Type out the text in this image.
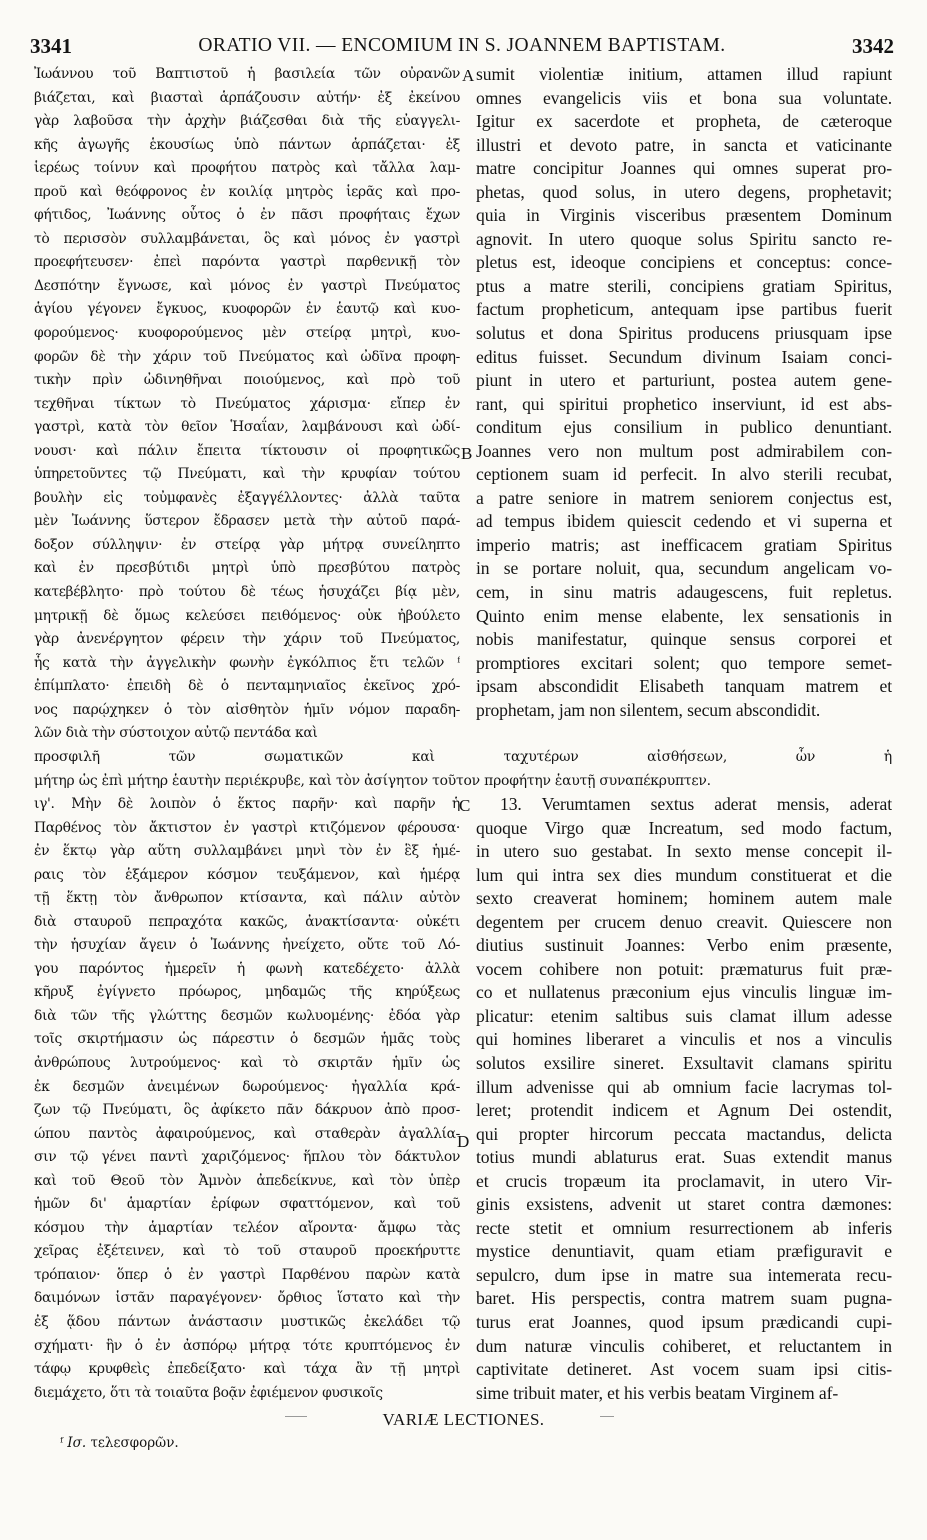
3341	ORATIO VII. — ENCOMIUM IN S. JOANNEM BAPTISTAM.	3342
Ἰωάννου τοῦ Βαπτιστοῦ ἡ βασιλεία τῶν οὐρανῶν
βιάζεται, καὶ βιασταὶ ἁρπάζουσιν αὐτήν· ἐξ ἐκείνου
γὰρ λαβοῦσα τὴν ἀρχὴν βιάζεσθαι διὰ τῆς εὐαγγελι-
κῆς ἀγωγῆς ἑκουσίως ὑπὸ πάντων ἁρπάζεται· ἐξ
ἱερέως τοίνυν καὶ προφήτου πατρὸς καὶ τἄλλα λαμ-
προῦ καὶ θεόφρονος ἐν κοιλίᾳ μητρὸς ἱερᾶς καὶ προ-
φήτιδος, Ἰωάννης οὗτος ὁ ἐν πᾶσι προφήταις ἔχων
τὸ περισσὸν συλλαμβάνεται, ὃς καὶ μόνος ἐν γαστρὶ
προεφήτευσεν· ἐπεὶ παρόντα γαστρὶ παρθενικῇ τὸν
Δεσπότην ἔγνωσε, καὶ μόνος ἐν γαστρὶ Πνεύματος
ἁγίου γέγονεν ἔγκυος, κυοφορῶν ἐν ἑαυτῷ καὶ κυο-
φορούμενος· κυοφορούμενος μὲν στείρᾳ μητρὶ, κυο-
φορῶν δὲ τὴν χάριν τοῦ Πνεύματος καὶ ὠδῖνα προφη-
τικὴν πρὶν ὠδινηθῆναι ποιούμενος, καὶ πρὸ τοῦ
τεχθῆναι τίκτων τὸ Πνεύματος χάρισμα· εἴπερ ἐν
γαστρὶ, κατὰ τὸν θεῖον Ἡσαΐαν, λαμβάνουσι καὶ ὠδί-
νουσι· καὶ πάλιν ἔπειτα τίκτουσιν οἱ προφητικῶς
ὑπηρετοῦντες τῷ Πνεύματι, καὶ τὴν κρυφίαν τούτου
βουλὴν εἰς τοὐμφανὲς ἐξαγγέλλοντες· ἀλλὰ ταῦτα
μὲν Ἰωάννης ὕστερον ἔδρασεν μετὰ τὴν αὐτοῦ παρά-
δοξον σύλληψιν· ἐν στείρᾳ γὰρ μήτρᾳ συνείληπτο
καὶ ἐν πρεσβύτιδι μητρὶ ὑπὸ πρεσβύτου πατρὸς
κατεβέβλητο· πρὸ τούτου δὲ τέως ἡσυχάζει βίᾳ μὲν,
μητρικῇ δὲ ὅμως κελεύσει πειθόμενος· οὐκ ἠβούλετο
γὰρ ἀνενέργητον φέρειν τὴν χάριν τοῦ Πνεύματος,
ἧς κατὰ τὴν ἀγγελικὴν φωνὴν ἐγκόλπιος ἔτι τελῶν ᶠ
ἐπίμπλατο· ἐπειδὴ δὲ ὁ πενταμηνιαῖος ἐκεῖνος χρό-
νος παρῴχηκεν ὁ τὸν αἰσθητὸν ἡμῖν νόμον παραδη-
λῶν διὰ τὴν σύστοιχον αὐτῷ πεντάδα καὶ
sumit violentiæ initium, attamen illud rapiunt
omnes evangelicis viis et bona sua voluntate.
Igitur ex sacerdote et propheta, de cæteroque
illustri et devoto patre, in sancta et vaticinante
matre concipitur Joannes qui omnes superat pro-
phetas, quod solus, in utero degens, prophetavit;
quia in Virginis visceribus præsentem Dominum
agnovit. In utero quoque solus Spiritu sancto re-
pletus est, ideoque concipiens et conceptus: conce-
ptus a matre sterili, concipiens gratiam Spiritus,
factum propheticum, antequam ipse partibus fuerit
solutus et dona Spiritus producens priusquam ipse
editus fuisset. Secundum divinum Isaiam conci-
piunt in utero et parturiunt, postea autem gene-
rant, qui spiritui prophetico inserviunt, id est abs-
conditum ejus consilium in publico denuntiant.
Joannes vero non multum post admirabilem con-
ceptionem suam id perfecit. In alvo sterili recubat,
a patre seniore in matrem seniorem conjectus est,
ad tempus ibidem quiescit cedendo et vi superna et
imperio matris; ast inefficacem gratiam Spiritus
in se portare noluit, qua, secundum angelicam vo-
cem, in sinu matris adaugescens, fuit repletus.
Quinto enim mense elabente, lex sensationis in
nobis manifestatur, quinque sensus corporei et
promptiores excitari solent; quo tempore semet-
ipsam abscondidit Elisabeth tanquam matrem et
prophetam, jam non silentem, secum abscondidit.
προσφιλῆ τῶν σωματικῶν καὶ ταχυτέρων αἰσθήσεων, ὧν ἡ
μήτηρ ὡς ἐπὶ μήτηρ ἑαυτὴν περιέκρυβε, καὶ τὸν ἀσίγητον τοῦτον προφήτην ἑαυτῇ συναπέκρυπτεν.
ιγ'. Μὴν δὲ λοιπὸν ὁ ἕκτος παρῆν· καὶ παρῆν ἡ
Παρθένος τὸν ἄκτιστον ἐν γαστρὶ κτιζόμενον φέρουσα·
ἐν ἕκτῳ γὰρ αὕτη συλλαμβάνει μηνὶ τὸν ἐν ἓξ ἡμέ-
ραις τὸν ἑξάμερον κόσμον τευξάμενον, καὶ ἡμέρᾳ
τῇ ἕκτῃ τὸν ἄνθρωπον κτίσαντα, καὶ πάλιν αὐτὸν
διὰ σταυροῦ πεπραχότα κακῶς, ἀνακτίσαντα· οὐκέτι
τὴν ἡσυχίαν ἄγειν ὁ Ἰωάννης ἠνείχετο, οὔτε τοῦ Λό-
γου παρόντος ἠμερεῖν ἡ φωνὴ κατεδέχετο· ἀλλὰ
κῆρυξ ἐγίγνετο πρόωρος, μηδαμῶς τῆς κηρύξεως
διὰ τῶν τῆς γλώττης δεσμῶν κωλυομένης· ἐδόα γὰρ
τοῖς σκιρτήμασιν ὡς πάρεστιν ὁ δεσμῶν ἡμᾶς τοὺς
ἀνθρώπους λυτρούμενος· καὶ τὸ σκιρτᾶν ἡμῖν ὡς
ἐκ δεσμῶν ἀνειμένων δωρούμενος· ἠγαλλία κρά-
ζων τῷ Πνεύματι, ὃς ἀφίκετο πᾶν δάκρυον ἀπὸ προσ-
ώπου παντὸς ἀφαιρούμενος, καὶ σταθερὰν ἀγαλλία-
σιν τῷ γένει παντὶ χαριζόμενος· ἥπλου τὸν δάκτυλον
καὶ τοῦ Θεοῦ τὸν Ἀμνὸν ἀπεδείκνυε, καὶ τὸν ὑπὲρ
ἡμῶν δι' ἁμαρτίαν ἐρίφων σφαττόμενον, καὶ τοῦ
κόσμου τὴν ἁμαρτίαν τελέον αἴροντα· ἄμφω τὰς
χεῖρας ἐξέτεινεν, καὶ τὸ τοῦ σταυροῦ προεκήρυττε
τρόπαιον· ὅπερ ὁ ἐν γαστρὶ Παρθένου παρὼν κατὰ
δαιμόνων ἱστᾶν παραγέγονεν· ὄρθιος ἵστατο καὶ τὴν
ἐξ ᾅδου πάντων ἀνάστασιν μυστικῶς ἐκελάδει τῷ
σχήματι· ἣν ὁ ἐν ἀσπόρῳ μήτρᾳ τότε κρυπτόμενος ἐν
τάφῳ κρυφθεὶς ἐπεδείξατο· καὶ τάχα ἂν τῇ μητρὶ
διεμάχετο, ὅτι τὰ τοιαῦτα βοᾷν ἐφιέμενον φυσικοῖς
13. Verumtamen sextus aderat mensis, aderat
quoque Virgo quæ Increatum, sed modo factum,
in utero suo gestabat. In sexto mense concepit il-
lum qui intra sex dies mundum constituerat et die
sexto creaverat hominem; hominem autem male
degentem per crucem denuo creavit. Quiescere non
diutius sustinuit Joannes: Verbo enim præsente,
vocem cohibere non potuit: præmaturus fuit præ-
co et nullatenus præconium ejus vinculis linguæ im-
plicatur: etenim saltibus suis clamat illum adesse
qui homines liberaret a vinculis et nos a vinculis
solutos exsilire sineret. Exsultavit clamans spiritu
illum advenisse qui ab omnium facie lacrymas tol-
leret; protendit indicem et Agnum Dei ostendit,
qui propter hircorum peccata mactandus, delicta
totius mundi ablaturus erat. Suas extendit manus
et crucis tropæum ita proclamavit, in utero Vir-
ginis exsistens, advenit ut staret contra dæmones:
recte stetit et omnium resurrectionem ab inferis
mystice denuntiavit, quam etiam præfiguravit e
sepulcro, dum ipse in matre sua intemerata recu-
baret. His perspectis, contra matrem suam pugna-
turus erat Joannes, quod ipsum prædicandi cupi-
dum naturæ vinculis cohiberet, et reluctantem in
captivitate detineret. Ast vocem suam ipsi citis-
sime tribuit mater, et his verbis beatam Virginem af-
A
B
C
D
VARIÆ LECTIONES.
ᶠ Ισ. τελεσφορῶν.
